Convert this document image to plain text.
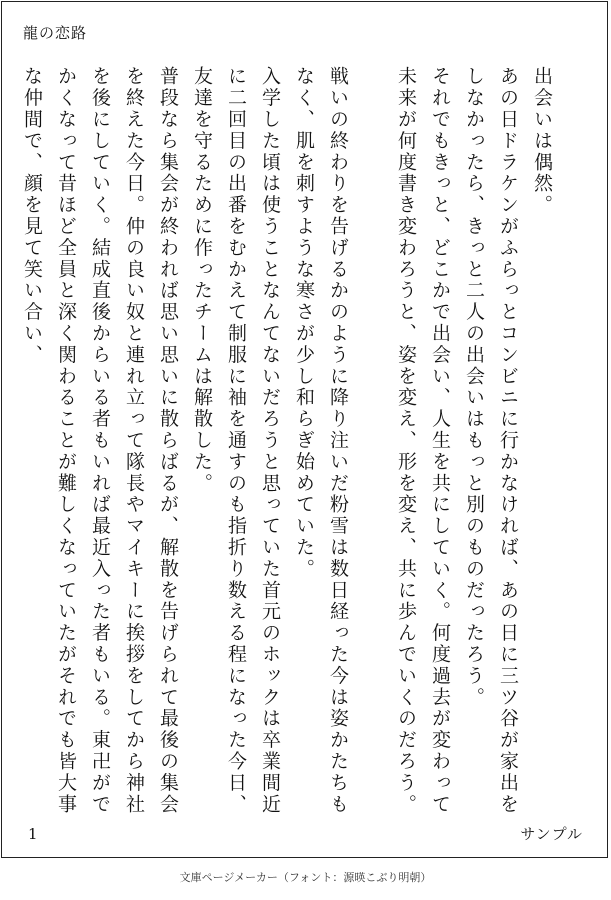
龍の恋路

出会いは偶然。

あの日ドラケンがふらっとコンビニに行かなければ、あの日に三ツ谷が家出をしなかったら、きっと二人の出会いはもっと別のものだったろう。

それでもきっと、どこかで出会い、人生を共にしていく。何度過去が変わって未来が何度書き変わろうと、姿を変え、形を変え、共に歩んでいくのだろう。

戦いの終わりを告げるかのように降り注いだ粉雪は数日経った今は姿かたちもなく、肌を刺すような寒さが少し和らぎ始めていた。

入学した頃は使うことなんてないだろうと思っていた首元のホックは卒業間近に二回目の出番をむかえて制服に袖を通すのも指折り数える程になった今日、友達を守るために作ったチームは解散した。

普段なら集会が終われば思い思いに散らばるが、解散を告げられて最後の集会を終えた今日。仲の良い奴と連れ立って隊長やマイキーに挨拶をしてから神社を後にしていく。結成直後からいる者もいれば最近入った者もいる。東卍がでかくなって昔ほど全員と深く関わることが難しくなっていたがそれでも皆大事な仲間で、顔を見て笑い合い、

1	サンプル
文庫ページメーカー（フォント：源暎こぶり明朝）
